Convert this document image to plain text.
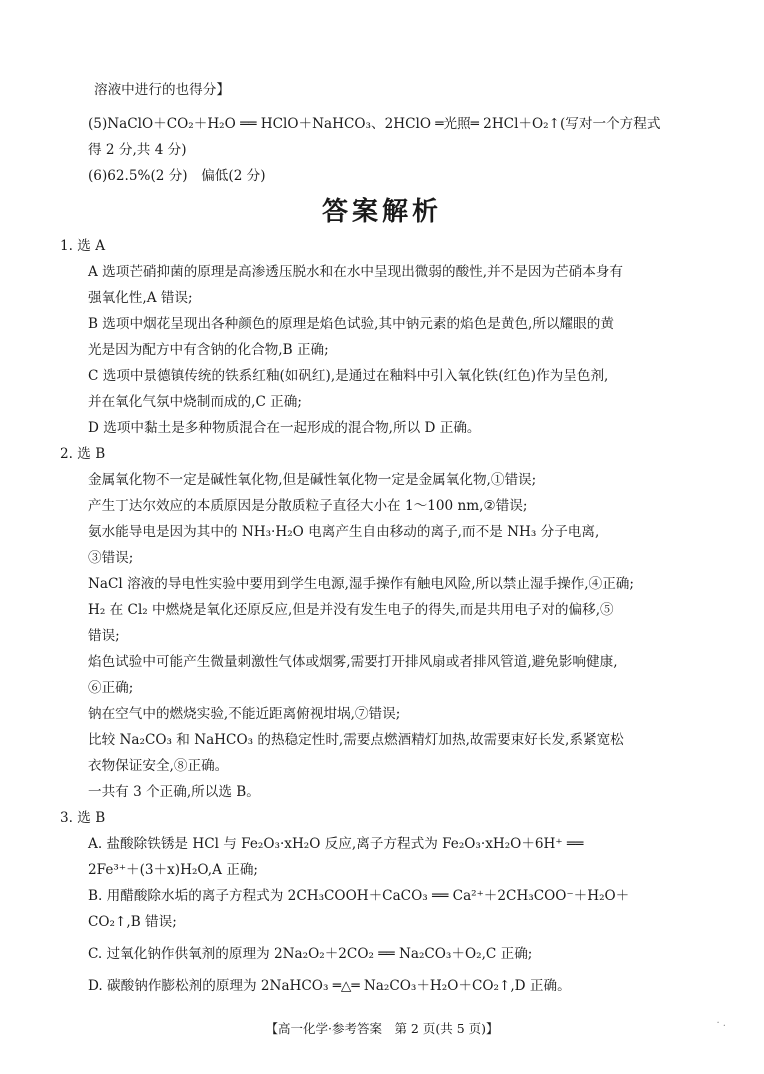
溶液中进行的也得分】
(5)NaClO＋CO₂＋H₂O ══ HClO＋NaHCO₃、2HClO ═光照═ 2HCl＋O₂↑(写对一个方程式
得 2 分,共 4 分)
(6)62.5%(2 分)　偏低(2 分)
答案解析
1. 选 A
A 选项芒硝抑菌的原理是高渗透压脱水和在水中呈现出微弱的酸性,并不是因为芒硝本身有
强氧化性,A 错误;
B 选项中烟花呈现出各种颜色的原理是焰色试验,其中钠元素的焰色是黄色,所以耀眼的黄
光是因为配方中有含钠的化合物,B 正确;
C 选项中景德镇传统的铁系红釉(如矾红),是通过在釉料中引入氧化铁(红色)作为呈色剂,
并在氧化气氛中烧制而成的,C 正确;
D 选项中黏土是多种物质混合在一起形成的混合物,所以 D 正确。
2. 选 B
金属氧化物不一定是碱性氧化物,但是碱性氧化物一定是金属氧化物,①错误;
产生丁达尔效应的本质原因是分散质粒子直径大小在 1～100 nm,②错误;
氨水能导电是因为其中的 NH₃·H₂O 电离产生自由移动的离子,而不是 NH₃ 分子电离,
③错误;
NaCl 溶液的导电性实验中要用到学生电源,湿手操作有触电风险,所以禁止湿手操作,④正确;
H₂ 在 Cl₂ 中燃烧是氧化还原反应,但是并没有发生电子的得失,而是共用电子对的偏移,⑤
错误;
焰色试验中可能产生微量刺激性气体或烟雾,需要打开排风扇或者排风管道,避免影响健康,
⑥正确;
钠在空气中的燃烧实验,不能近距离俯视坩埚,⑦错误;
比较 Na₂CO₃ 和 NaHCO₃ 的热稳定性时,需要点燃酒精灯加热,故需要束好长发,系紧宽松
衣物保证安全,⑧正确。
一共有 3 个正确,所以选 B。
3. 选 B
A. 盐酸除铁锈是 HCl 与 Fe₂O₃·xH₂O 反应,离子方程式为 Fe₂O₃·xH₂O＋6H⁺ ══
2Fe³⁺＋(3＋x)H₂O,A 正确;
B. 用醋酸除水垢的离子方程式为 2CH₃COOH＋CaCO₃ ══ Ca²⁺＋2CH₃COO⁻＋H₂O＋
CO₂↑,B 错误;
C. 过氧化钠作供氧剂的原理为 2Na₂O₂＋2CO₂ ══ Na₂CO₃＋O₂,C 正确;
D. 碳酸钠作膨松剂的原理为 2NaHCO₃ ═△═ Na₂CO₃＋H₂O＋CO₂↑,D 正确。
【高一化学·参考答案　第 2 页(共 5 页)】	· .
